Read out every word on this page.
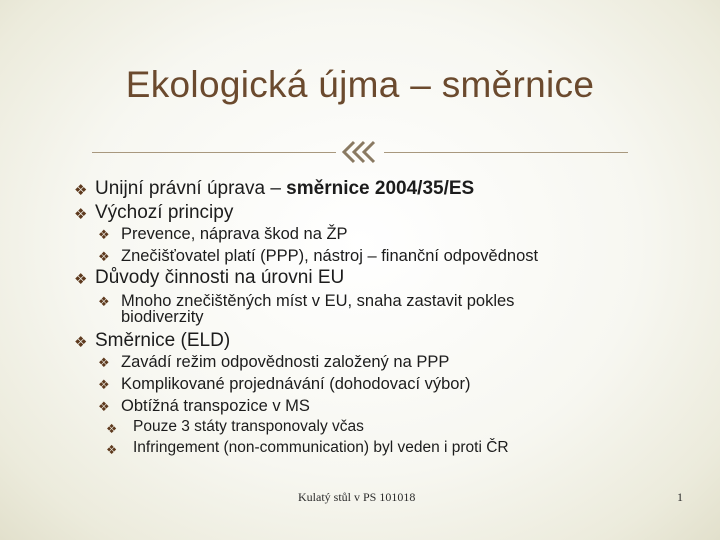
Ekologická újma – směrnice
❖ Unijní právní úprava – směrnice 2004/35/ES
❖ Výchozí principy
❖ Prevence, náprava škod na ŽP
❖ Znečišťovatel platí (PPP), nástroj – finanční odpovědnost
❖ Důvody činnosti na úrovni EU
❖ Mnoho znečištěných míst v EU, snaha zastavit pokles
biodiverzity
❖ Směrnice (ELD)
❖ Zavádí režim odpovědnosti založený na PPP
❖ Komplikované projednávání (dohodovací výbor)
❖ Obtížná transpozice v MS
❖ Pouze 3 státy transponovaly včas
❖ Infringement (non-communication) byl veden i proti ČR
Kulatý stůl v PS 101018	1
